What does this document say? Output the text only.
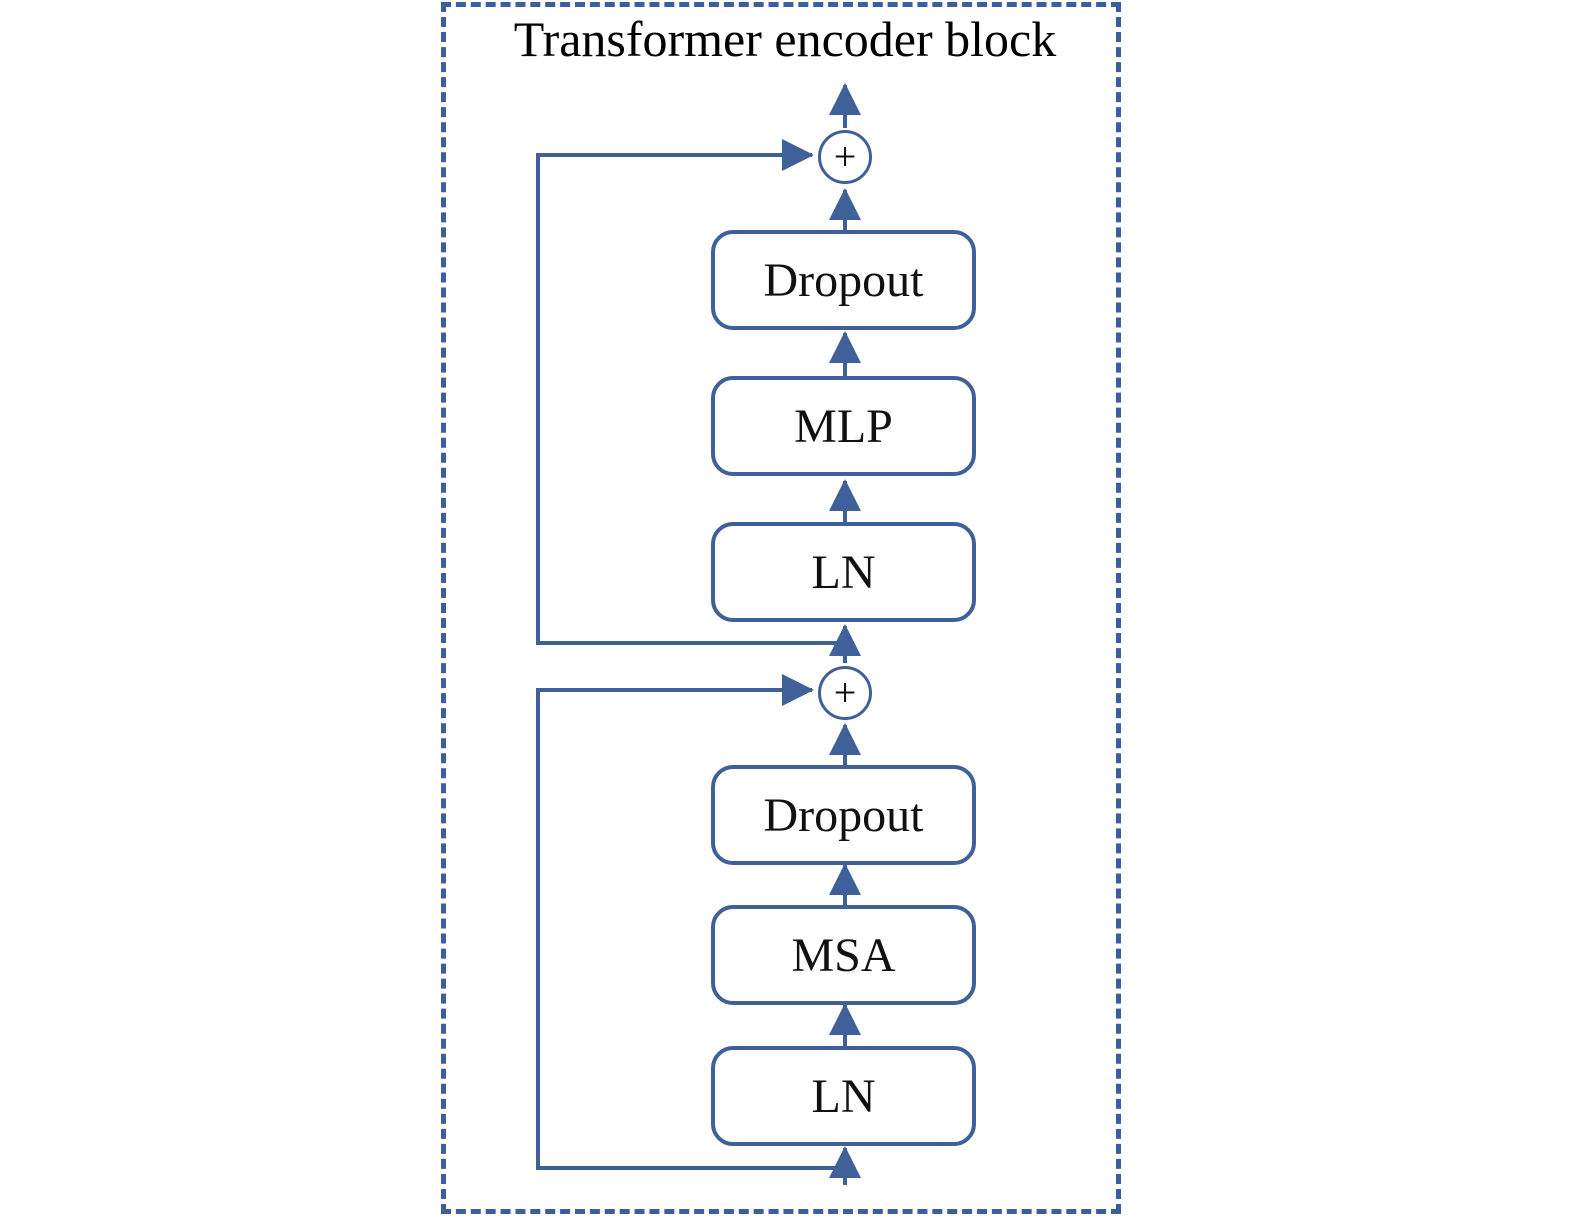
Transformer encoder block
+
Dropout
MLP
LN
+
Dropout
MSA
LN
